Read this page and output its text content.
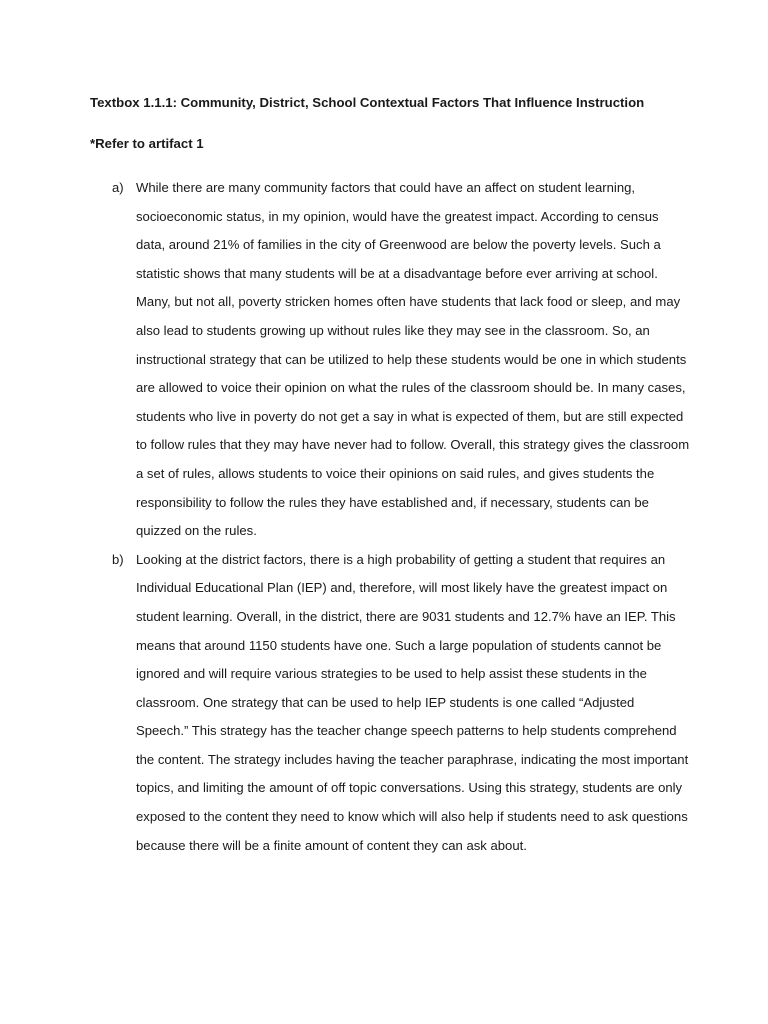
Textbox 1.1.1: Community, District, School Contextual Factors That Influence Instruction
*Refer to artifact 1
a) While there are many community factors that could have an affect on student learning, socioeconomic status, in my opinion, would have the greatest impact. According to census data, around 21% of families in the city of Greenwood are below the poverty levels. Such a statistic shows that many students will be at a disadvantage before ever arriving at school. Many, but not all, poverty stricken homes often have students that lack food or sleep, and may also lead to students growing up without rules like they may see in the classroom. So, an instructional strategy that can be utilized to help these students would be one in which students are allowed to voice their opinion on what the rules of the classroom should be. In many cases, students who live in poverty do not get a say in what is expected of them, but are still expected to follow rules that they may have never had to follow. Overall, this strategy gives the classroom a set of rules, allows students to voice their opinions on said rules, and gives students the responsibility to follow the rules they have established and, if necessary, students can be quizzed on the rules.
b) Looking at the district factors, there is a high probability of getting a student that requires an Individual Educational Plan (IEP) and, therefore, will most likely have the greatest impact on student learning. Overall, in the district, there are 9031 students and 12.7% have an IEP. This means that around 1150 students have one. Such a large population of students cannot be ignored and will require various strategies to be used to help assist these students in the classroom. One strategy that can be used to help IEP students is one called “Adjusted Speech.” This strategy has the teacher change speech patterns to help students comprehend the content. The strategy includes having the teacher paraphrase, indicating the most important topics, and limiting the amount of off topic conversations. Using this strategy, students are only exposed to the content they need to know which will also help if students need to ask questions because there will be a finite amount of content they can ask about.
